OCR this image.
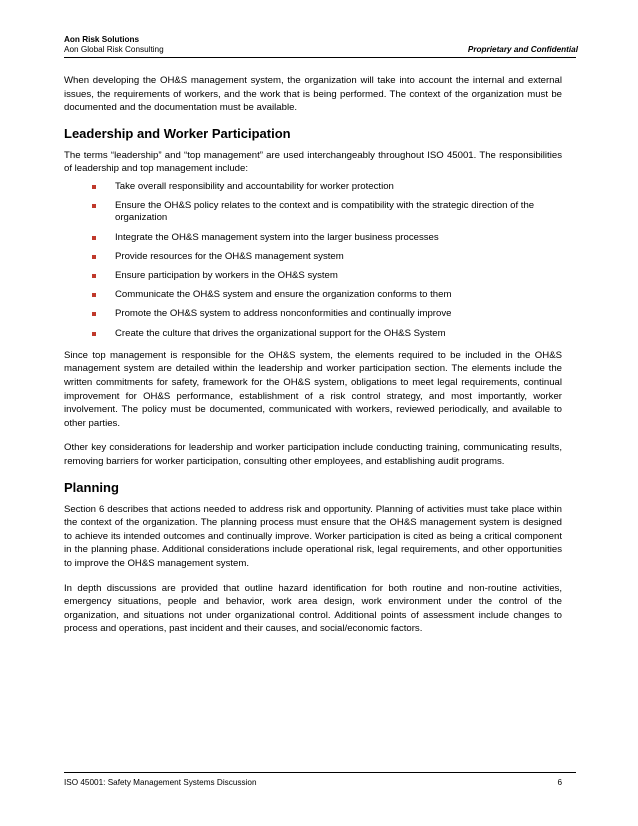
Aon Risk Solutions
Aon Global Risk Consulting	Proprietary and Confidential

When developing the OH&S management system, the organization will take into account the internal and external issues, the requirements of workers, and the work that is being performed. The context of the organization must be documented and the documentation must be available.

Leadership and Worker Participation

The terms “leadership” and “top management” are used interchangeably throughout ISO 45001. The responsibilities of leadership and top management include:

Take overall responsibility and accountability for worker protection
Ensure the OH&S policy relates to the context and is compatibility with the strategic direction of the organization
Integrate the OH&S management system into the larger business processes
Provide resources for the OH&S management system
Ensure participation by workers in the OH&S system
Communicate the OH&S system and ensure the organization conforms to them
Promote the OH&S system to address nonconformities and continually improve
Create the culture that drives the organizational support for the OH&S System

Since top management is responsible for the OH&S system, the elements required to be included in the OH&S management system are detailed within the leadership and worker participation section. The elements include the written commitments for safety, framework for the OH&S system, obligations to meet legal requirements, continual improvement for OH&S performance, establishment of a risk control strategy, and most importantly, worker involvement. The policy must be documented, communicated with workers, reviewed periodically, and available to other parties.

Other key considerations for leadership and worker participation include conducting training, communicating results, removing barriers for worker participation, consulting other employees, and establishing audit programs.

Planning

Section 6 describes that actions needed to address risk and opportunity. Planning of activities must take place within the context of the organization. The planning process must ensure that the OH&S management system is designed to achieve its intended outcomes and continually improve. Worker participation is cited as being a critical component in the planning phase. Additional considerations include operational risk, legal requirements, and other opportunities to improve the OH&S management system.

In depth discussions are provided that outline hazard identification for both routine and non-routine activities, emergency situations, people and behavior, work area design, work environment under the control of the organization, and situations not under organizational control. Additional points of assessment include changes to process and operations, past incident and their causes, and social/economic factors.

ISO 45001: Safety Management Systems Discussion	6
